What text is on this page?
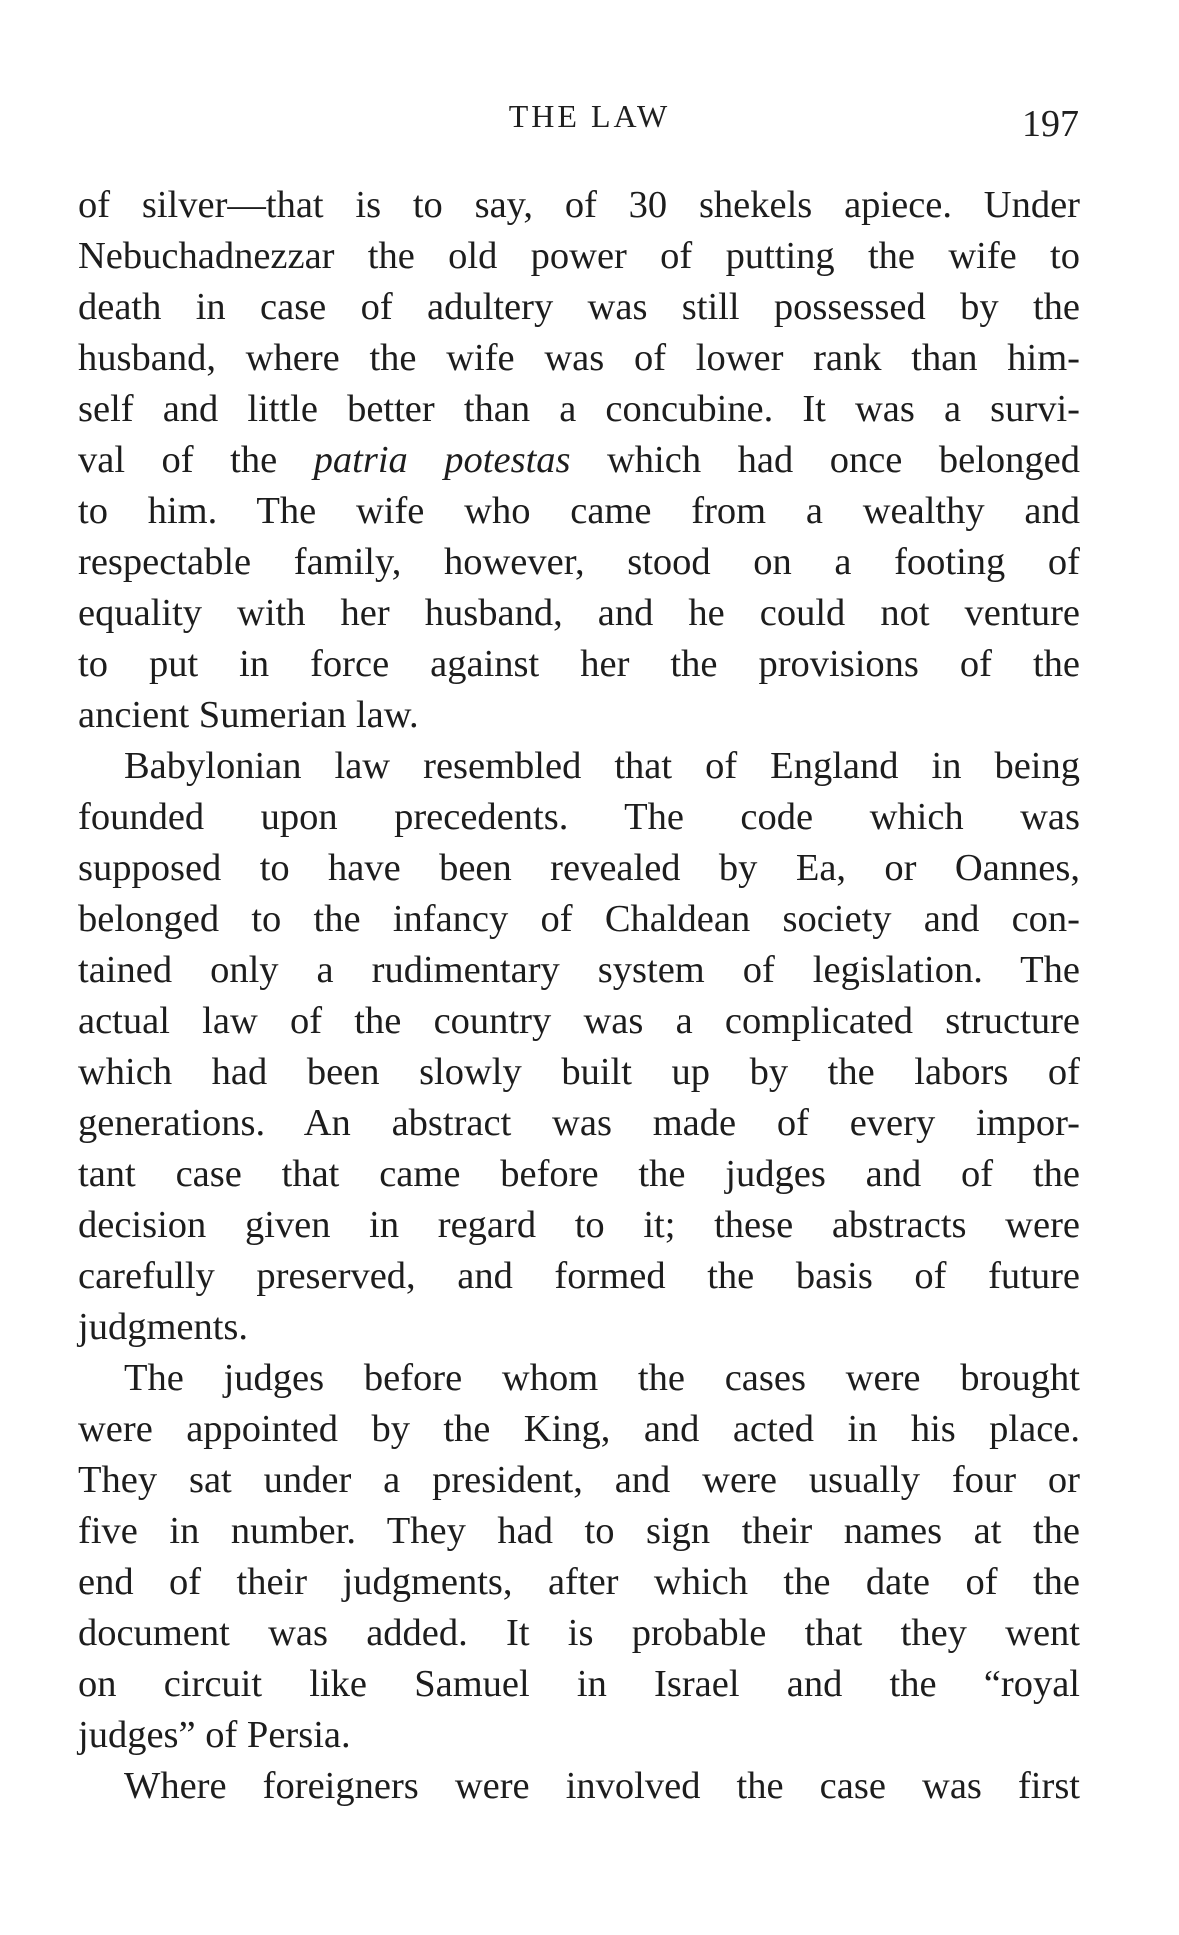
THE LAW	197
of silver—that is to say, of 30 shekels apiece. Under
Nebuchadnezzar the old power of putting the wife to
death in case of adultery was still possessed by the
husband, where the wife was of lower rank than him-
self and little better than a concubine. It was a survi-
val of the patria potestas which had once belonged
to him. The wife who came from a wealthy and
respectable family, however, stood on a footing of
equality with her husband, and he could not venture
to put in force against her the provisions of the
ancient Sumerian law.
Babylonian law resembled that of England in being
founded upon precedents. The code which was
supposed to have been revealed by Ea, or Oannes,
belonged to the infancy of Chaldean society and con-
tained only a rudimentary system of legislation. The
actual law of the country was a complicated structure
which had been slowly built up by the labors of
generations. An abstract was made of every impor-
tant case that came before the judges and of the
decision given in regard to it; these abstracts were
carefully preserved, and formed the basis of future
judgments.
The judges before whom the cases were brought
were appointed by the King, and acted in his place.
They sat under a president, and were usually four or
five in number. They had to sign their names at the
end of their judgments, after which the date of the
document was added. It is probable that they went
on circuit like Samuel in Israel and the “royal
judges” of Persia.
Where foreigners were involved the case was first
